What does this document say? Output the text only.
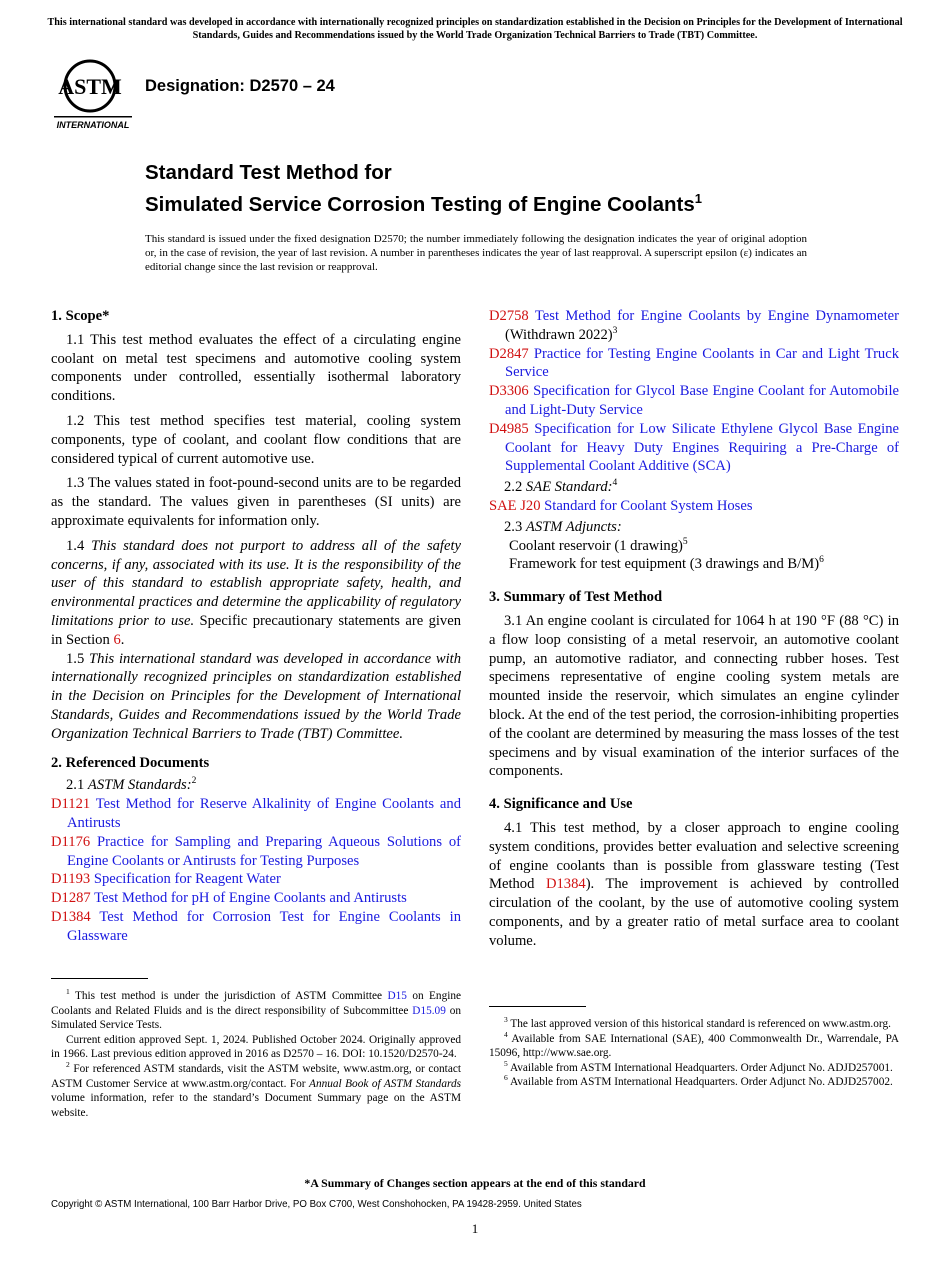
This international standard was developed in accordance with internationally recognized principles on standardization established in the Decision on Principles for the Development of International Standards, Guides and Recommendations issued by the World Trade Organization Technical Barriers to Trade (TBT) Committee.
ASTM
INTERNATIONAL
Designation: D2570 – 24
Standard Test Method for
Simulated Service Corrosion Testing of Engine Coolants$^1$
This standard is issued under the fixed designation D2570; the number immediately following the designation indicates the year of original adoption or, in the case of revision, the year of last revision. A number in parentheses indicates the year of last reapproval. A superscript epsilon (ε) indicates an editorial change since the last revision or reapproval.
1. Scope*

1.1 This test method evaluates the effect of a circulating engine coolant on metal test specimens and automotive cooling system components under controlled, essentially isothermal laboratory conditions.

1.2 This test method specifies test material, cooling system components, type of coolant, and coolant flow conditions that are considered typical of current automotive use.

1.3 The values stated in foot-pound-second units are to be regarded as the standard. The values given in parentheses (SI units) are approximate equivalents for information only.

1.4 This standard does not purport to address all of the safety concerns, if any, associated with its use. It is the responsibility of the user of this standard to establish appropriate safety, health, and environmental practices and determine the applicability of regulatory limitations prior to use. Specific precautionary statements are given in Section 6.

1.5 This international standard was developed in accordance with internationally recognized principles on standardization established in the Decision on Principles for the Development of International Standards, Guides and Recommendations issued by the World Trade Organization Technical Barriers to Trade (TBT) Committee.

2. Referenced Documents
2.1 ASTM Standards:$^2$
D1121 Test Method for Reserve Alkalinity of Engine Coolants and Antirusts
D1176 Practice for Sampling and Preparing Aqueous Solutions of Engine Coolants or Antirusts for Testing Purposes
D1193 Specification for Reagent Water
D1287 Test Method for pH of Engine Coolants and Antirusts
D1384 Test Method for Corrosion Test for Engine Coolants in Glassware

$^1$ This test method is under the jurisdiction of ASTM Committee D15 on Engine Coolants and Related Fluids and is the direct responsibility of Subcommittee D15.09 on Simulated Service Tests.

Current edition approved Sept. 1, 2024. Published October 2024. Originally approved in 1966. Last previous edition approved in 2016 as D2570 – 16. DOI: 10.1520/D2570-24.

$^2$ For referenced ASTM standards, visit the ASTM website, www.astm.org, or contact ASTM Customer Service at www.astm.org/contact. For Annual Book of ASTM Standards volume information, refer to the standard’s Document Summary page on the ASTM website.

D2758 Test Method for Engine Coolants by Engine Dynamometer (Withdrawn 2022)$^3$
D2847 Practice for Testing Engine Coolants in Car and Light Truck Service
D3306 Specification for Glycol Base Engine Coolant for Automobile and Light-Duty Service
D4985 Specification for Low Silicate Ethylene Glycol Base Engine Coolant for Heavy Duty Engines Requiring a Pre-Charge of Supplemental Coolant Additive (SCA)
2.2 SAE Standard:$^4$
SAE J20 Standard for Coolant System Hoses
2.3 ASTM Adjuncts:
Coolant reservoir (1 drawing)$^5$
Framework for test equipment (3 drawings and B/M)$^6$
3. Summary of Test Method

3.1 An engine coolant is circulated for 1064 h at 190 °F (88 °C) in a flow loop consisting of a metal reservoir, an automotive coolant pump, an automotive radiator, and connecting rubber hoses. Test specimens representative of engine cooling system metals are mounted inside the reservoir, which simulates an engine cylinder block. At the end of the test period, the corrosion-inhibiting properties of the coolant are determined by measuring the mass losses of the test specimens and by visual examination of the interior surfaces of the components.

4. Significance and Use

4.1 This test method, by a closer approach to engine cooling system conditions, provides better evaluation and selective screening of engine coolants than is possible from glassware testing (Test Method D1384). The improvement is achieved by controlled circulation of the coolant, by the use of automotive cooling system components, and by a greater ratio of metal surface area to coolant volume.

$^3$ The last approved version of this historical standard is referenced on www.astm.org.

$^4$ Available from SAE International (SAE), 400 Commonwealth Dr., Warrendale, PA 15096, http://www.sae.org.

$^5$ Available from ASTM International Headquarters. Order Adjunct No. ADJD257001.

$^6$ Available from ASTM International Headquarters. Order Adjunct No. ADJD257002.

*A Summary of Changes section appears at the end of this standard
Copyright © ASTM International, 100 Barr Harbor Drive, PO Box C700, West Conshohocken, PA 19428-2959. United States
1
